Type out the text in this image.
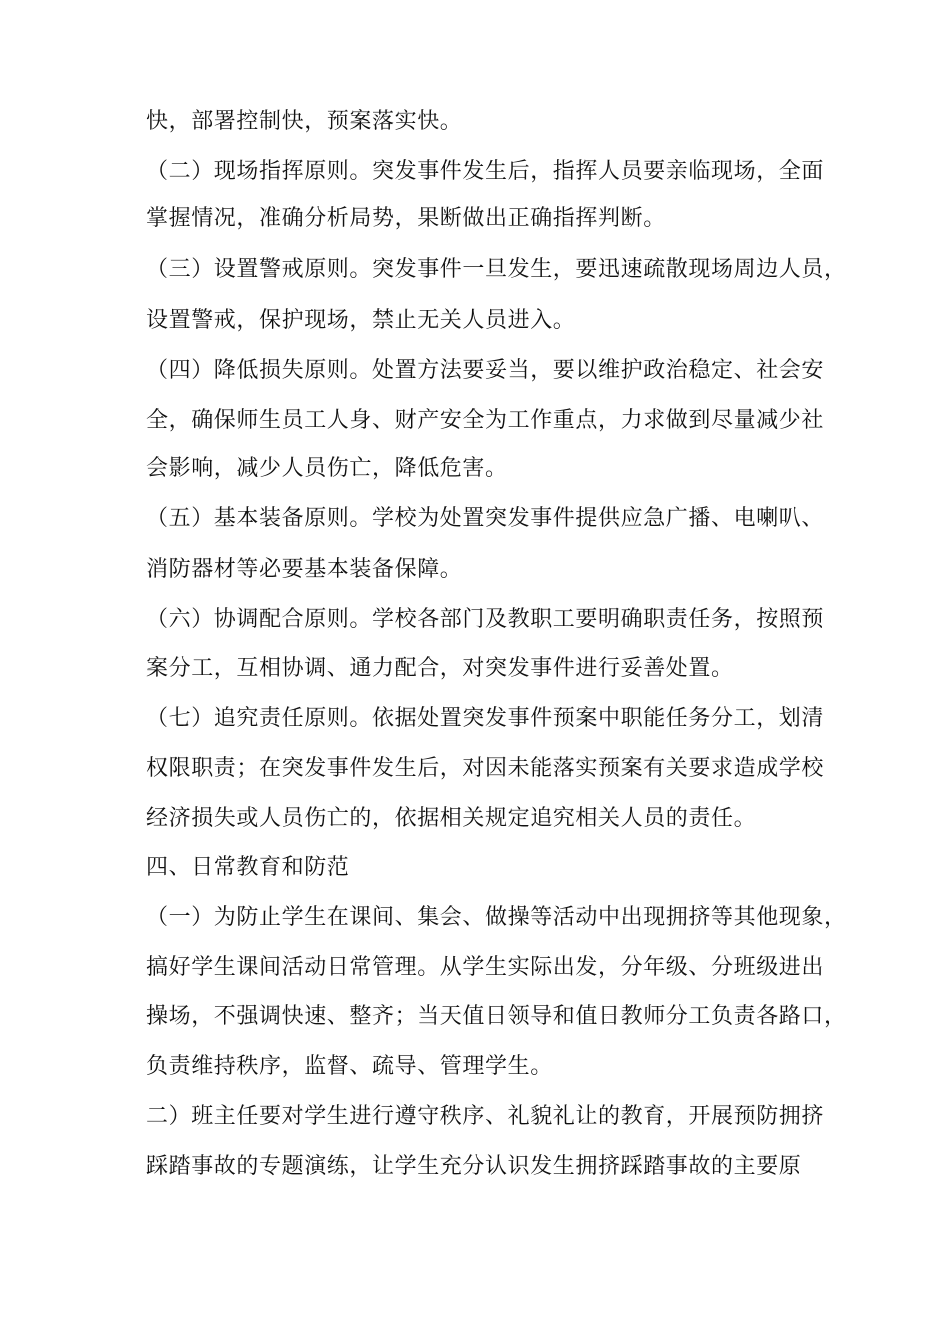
快，部署控制快，预案落实快。
（二）现场指挥原则。突发事件发生后，指挥人员要亲临现场，全面
掌握情况，准确分析局势，果断做出正确指挥判断。
（三）设置警戒原则。突发事件一旦发生，要迅速疏散现场周边人员，
设置警戒，保护现场，禁止无关人员进入。
（四）降低损失原则。处置方法要妥当，要以维护政治稳定、社会安
全，确保师生员工人身、财产安全为工作重点，力求做到尽量减少社
会影响，减少人员伤亡，降低危害。
（五）基本装备原则。学校为处置突发事件提供应急广播、电喇叭、
消防器材等必要基本装备保障。
（六）协调配合原则。学校各部门及教职工要明确职责任务，按照预
案分工，互相协调、通力配合，对突发事件进行妥善处置。
（七）追究责任原则。依据处置突发事件预案中职能任务分工，划清
权限职责；在突发事件发生后，对因未能落实预案有关要求造成学校
经济损失或人员伤亡的，依据相关规定追究相关人员的责任。
四、日常教育和防范
（一）为防止学生在课间、集会、做操等活动中出现拥挤等其他现象，
搞好学生课间活动日常管理。从学生实际出发，分年级、分班级进出
操场，不强调快速、整齐；当天值日领导和值日教师分工负责各路口，
负责维持秩序，监督、疏导、管理学生。
二）班主任要对学生进行遵守秩序、礼貌礼让的教育，开展预防拥挤
踩踏事故的专题演练，让学生充分认识发生拥挤踩踏事故的主要原
